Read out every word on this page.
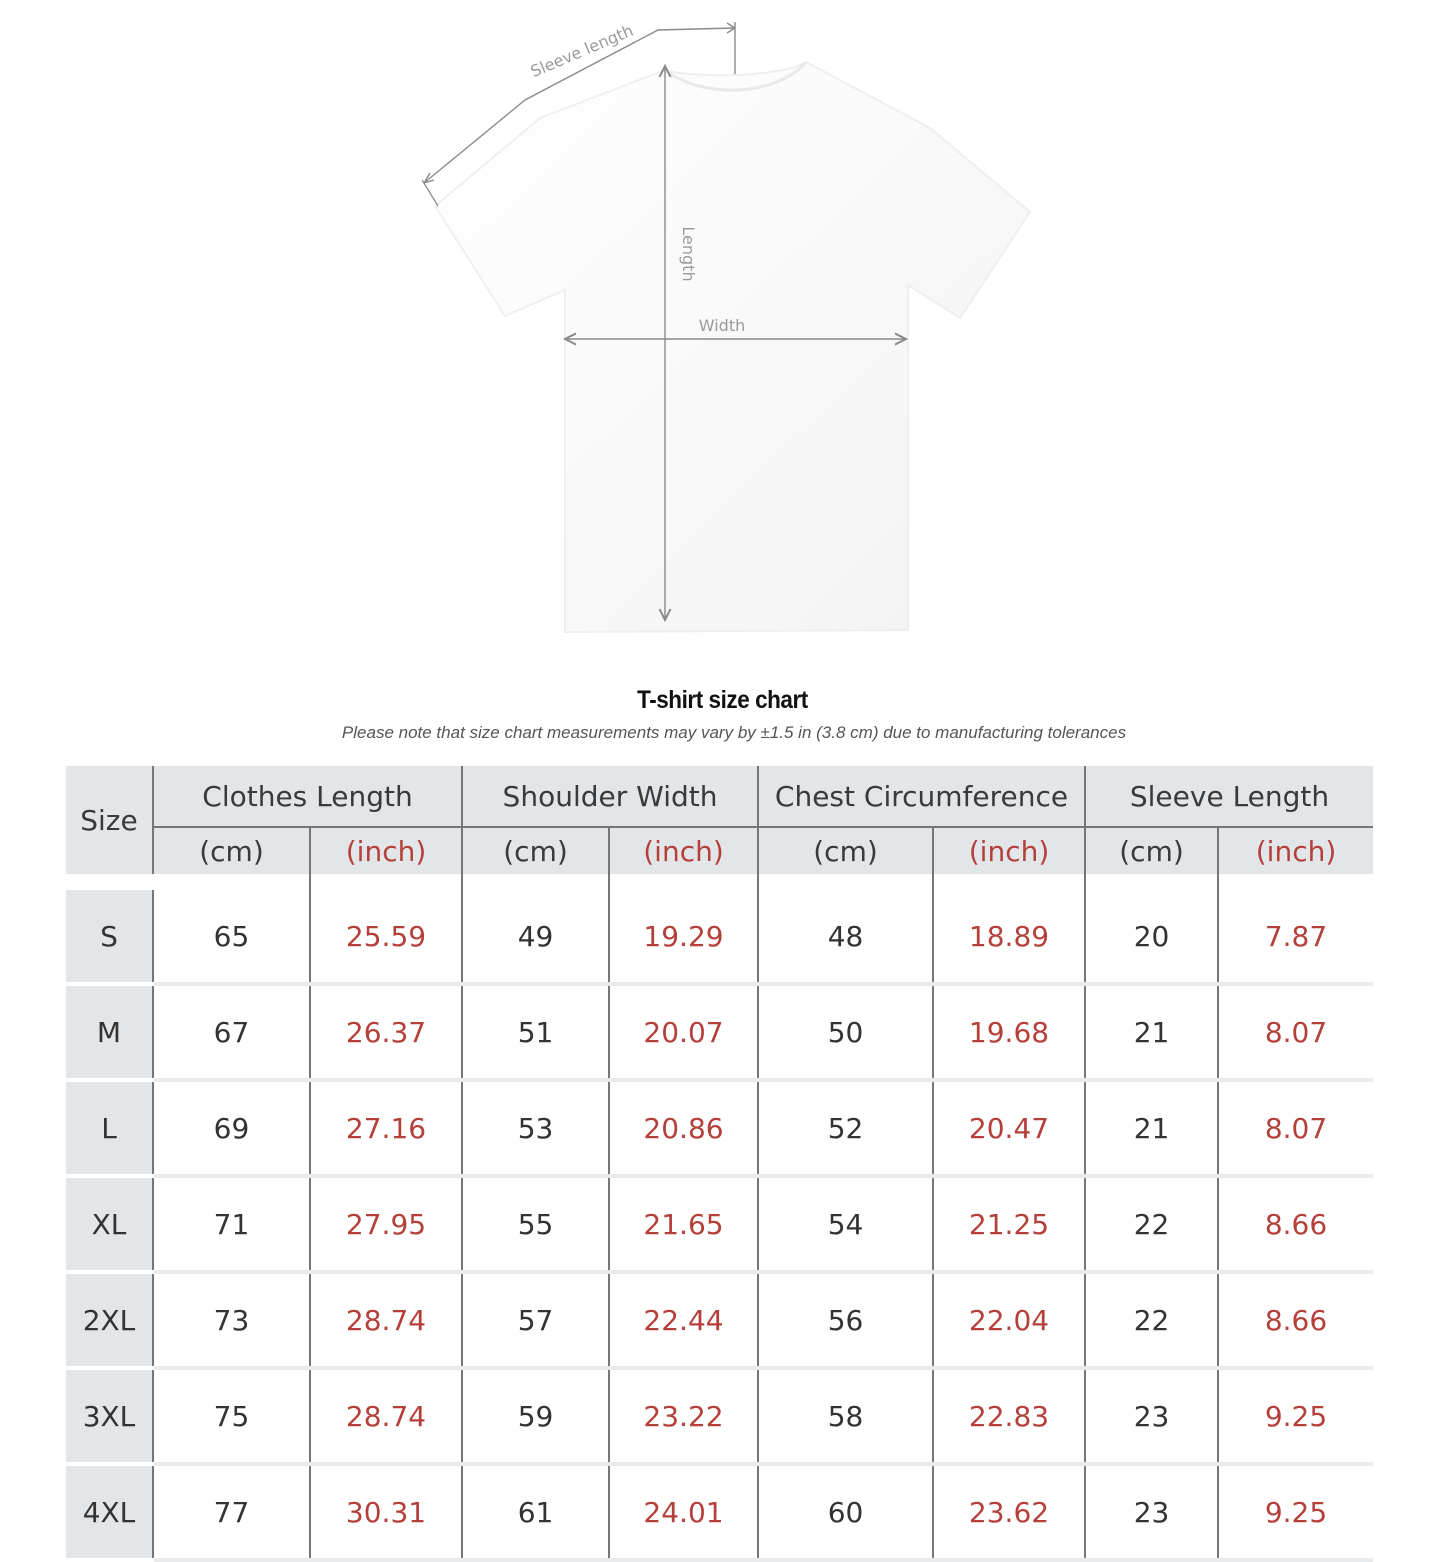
Sleeve length
Length
Width
T-shirt size chart
Please note that size chart measurements may vary by ±1.5 in (3.8 cm) due to manufacturing tolerances
Size	Clothes Length		Shoulder Width		Chest Circumference		Sleeve Length	
	(cm)	(inch)	(cm)	(inch)	(cm)	(inch)	(cm)	(inch)

S	65	25.59	49	19.29	48	18.89	20	7.87
M	67	26.37	51	20.07	50	19.68	21	8.07
L	69	27.16	53	20.86	52	20.47	21	8.07
XL	71	27.95	55	21.65	54	21.25	22	8.66
2XL	73	28.74	57	22.44	56	22.04	22	8.66
3XL	75	28.74	59	23.22	58	22.83	23	9.25
4XL	77	30.31	61	24.01	60	23.62	23	9.25
